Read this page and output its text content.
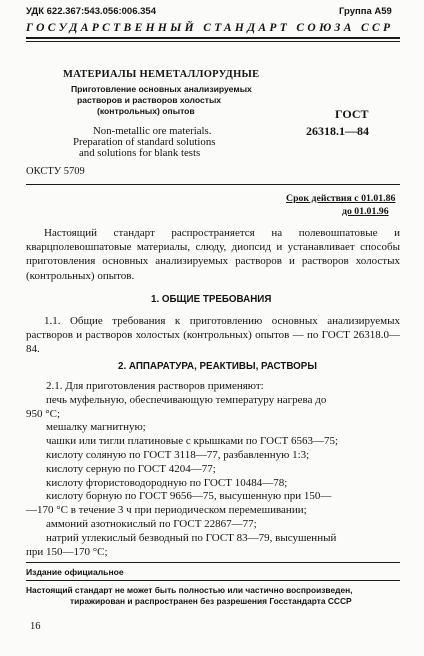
УДК 622.367:543.056:006.354	Группа А59
ГОСУДАРСТВЕННЫЙ СТАНДАРТ СОЮЗА ССР
МАТЕРИАЛЫ НЕМЕТАЛЛОРУДНЫЕ
Приготовление основных анализируемых
растворов и растворов холостых
(контрольных) опытов
Non-metallic ore materials.
Preparation of standard solutions
and solutions for blank tests
ГОСТ
26318.1—84
ОКСТУ 5709
Срок действия с 01.01.86
до 01.01.96

Настоящий стандарт распространяется на полевошпатовые и кварцполевошпатовые материалы, слюду, диопсид и устанавливает способы приготовления основных анализируемых растворов и растворов холостых (контрольных) опытов.

1. ОБЩИЕ ТРЕБОВАНИЯ

1.1. Общие требования к приготовлению основных анализируемых растворов и растворов холостых (контрольных) опытов — по ГОСТ 26318.0—84.

2. АППАРАТУРА, РЕАКТИВЫ, РАСТВОРЫ
2.1. Для приготовления растворов применяют:
печь муфельную, обеспечивающую температуру нагрева до
950 °С;
мешалку магнитную;
чашки или тигли платиновые с крышками по ГОСТ 6563—75;
кислоту соляную по ГОСТ 3118—77, разбавленную 1:3;
кислоту серную по ГОСТ 4204—77;
кислоту фтористоводородную по ГОСТ 10484—78;
кислоту борную по ГОСТ 9656—75, высушенную при 150—
—170 °С в течение 3 ч при периодическом перемешивании;
аммоний азотнокислый по ГОСТ 22867—77;
натрий углекислый безводный по ГОСТ 83—79, высушенный
при 150—170 °С;
Издание официальное
Настоящий стандарт не может быть полностью или частично воспроизведен,
тиражирован и распространен без разрешения Госстандарта СССР
16
